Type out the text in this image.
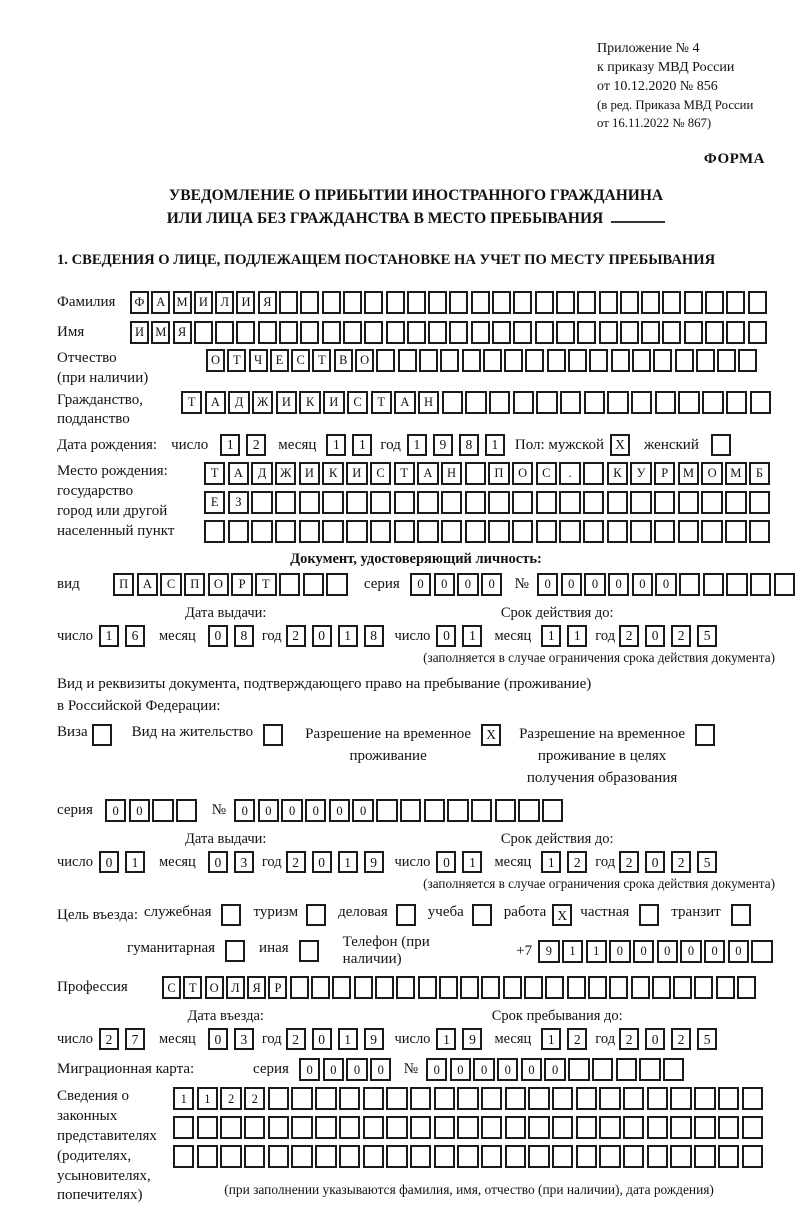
Приложение № 4
к приказу МВД России
от 10.12.2020 № 856
(в ред. Приказа МВД России
от 16.11.2022 № 867)
ФОРМА
УВЕДОМЛЕНИЕ О ПРИБЫТИИ ИНОСТРАННОГО ГРАЖДАНИНА
ИЛИ ЛИЦА БЕЗ ГРАЖДАНСТВА В МЕСТО ПРЕБЫВАНИЯ
1. СВЕДЕНИЯ О ЛИЦЕ, ПОДЛЕЖАЩЕМ ПОСТАНОВКЕ НА УЧЕТ ПО МЕСТУ ПРЕБЫВАНИЯ
Фамилия	Ф А М И	Л	И	Я
Имя	И М Я
Отчество
(при наличии)
О	Т	Ч	Е	С	Т	В	О
Гражданство,
подданство
Т	А	Д	Ж	И	К	И	С	Т	А	Н
Дата рождения: число	1	2	месяц	1	1 год 1	9	8	1	Пол: мужской X	женский
Место рождения:
государство
город или другой
населенный пункт
Т	А	Д	Ж	И	К	И	С	Т	А	Н	П	О	С	.	К	У	Р	М	О	М	Б
Е	З
Документ, удостоверяющий личность:
вид	П	А	С	П	О	Р	Т	серия	0	0	0	0	№	0	0	0	0	0	0
Дата выдачи:	Срок действия до:
число 1	6	месяц	0	8	год 2	0	1	8	число 0	1	месяц	1	1	год 2	0	2	5
(заполняется в случае ограничения срока действия документа)
Вид и реквизиты документа, подтверждающего право на пребывание (проживание)
в Российской Федерации:
Виза	Вид на жительство	Разрешение на временное
проживание
X	Разрешение на временное
проживание в целях
получения образования
серия	0	0	№	0	0	0	0	0	0
Дата выдачи:	Срок действия до:
число 0	1	месяц	0	3	год 2	0	1	9	число 0	1	месяц	1	2	год 2	0	2	5
(заполняется в случае ограничения срока действия документа)
Цель въезда: служебная	туризм	деловая	учеба	работа X частная	транзит
гуманитарная	иная	Телефон (при наличии)
+7	9	1	1	0	0	0	0	0	0
Профессия	С	Т	О	Л	Я	Р
Дата въезда:	Срок пребывания до:
число 2	7	месяц	0	3	год 2	0	1	9	число 1	9	месяц	1	2	год 2	0	2	5
Миграционная карта:	серия	0	0	0	0	№	0	0	0	0	0	0
Сведения о
законных
представителях
(родителях,
усыновителях,
попечителях)
1	1	2	2
(при заполнении указываются фамилия, имя, отчество (при наличии), дата рождения)
